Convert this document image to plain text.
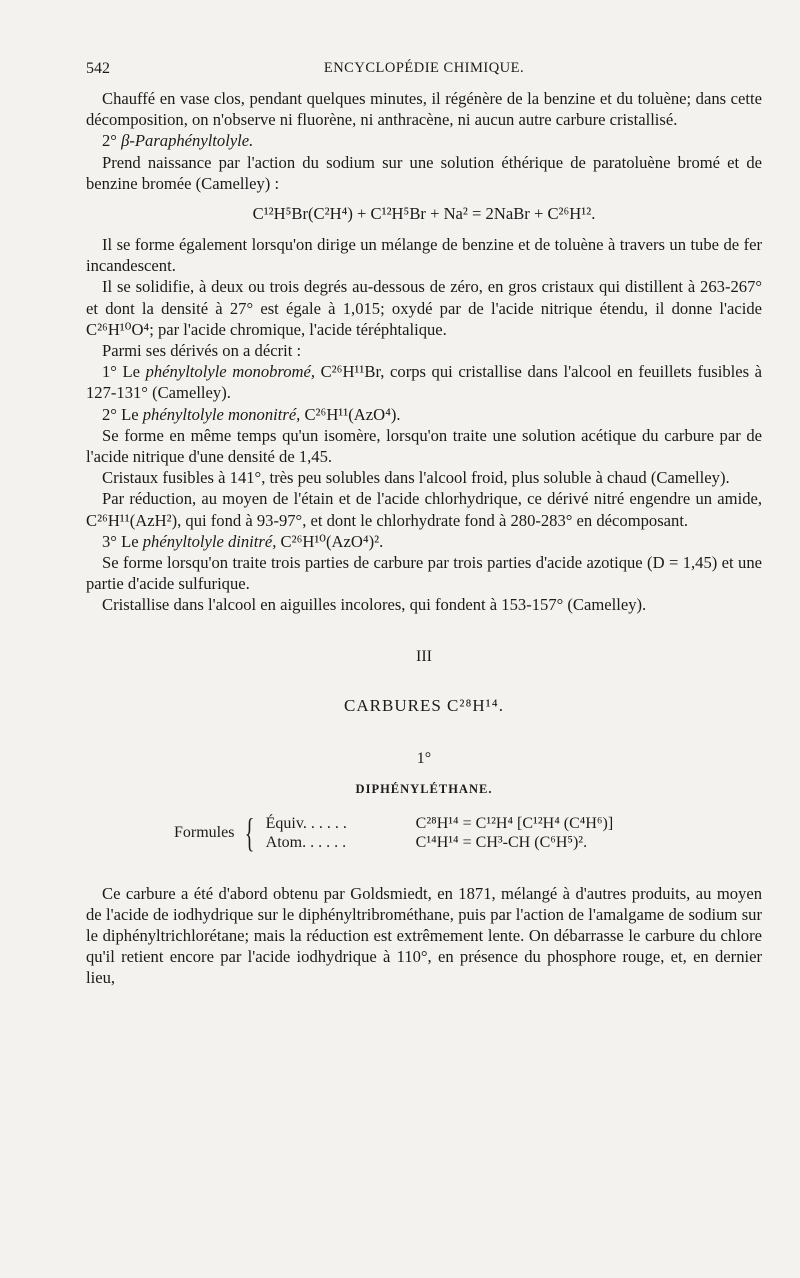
542	ENCYCLOPÉDIE CHIMIQUE.

Chauffé en vase clos, pendant quelques minutes, il régénère de la benzine et du toluène; dans cette décomposition, on n'observe ni fluorène, ni anthracène, ni aucun autre carbure cristallisé.

2° β-Paraphényltolyle.

Prend naissance par l'action du sodium sur une solution éthérique de paratoluène bromé et de benzine bromée (Camelley) :

C¹²H⁵Br(C²H⁴) + C¹²H⁵Br + Na² = 2NaBr + C²⁶H¹².

Il se forme également lorsqu'on dirige un mélange de benzine et de toluène à travers un tube de fer incandescent.

Il se solidifie, à deux ou trois degrés au-dessous de zéro, en gros cristaux qui distillent à 263-267° et dont la densité à 27° est égale à 1,015; oxydé par de l'acide nitrique étendu, il donne l'acide C²⁶H¹⁰O⁴; par l'acide chromique, l'acide téréphtalique.

Parmi ses dérivés on a décrit :

1° Le phényltolyle monobromé, C²⁶H¹¹Br, corps qui cristallise dans l'alcool en feuillets fusibles à 127-131° (Camelley).

2° Le phényltolyle mononitré, C²⁶H¹¹(AzO⁴).

Se forme en même temps qu'un isomère, lorsqu'on traite une solution acétique du carbure par de l'acide nitrique d'une densité de 1,45.

Cristaux fusibles à 141°, très peu solubles dans l'alcool froid, plus soluble à chaud (Camelley).

Par réduction, au moyen de l'étain et de l'acide chlorhydrique, ce dérivé nitré engendre un amide, C²⁶H¹¹(AzH²), qui fond à 93-97°, et dont le chlorhydrate fond à 280-283° en décomposant.

3° Le phényltolyle dinitré, C²⁶H¹⁰(AzO⁴)².

Se forme lorsqu'on traite trois parties de carbure par trois parties d'acide azotique (D = 1,45) et une partie d'acide sulfurique.

Cristallise dans l'alcool en aiguilles incolores, qui fondent à 153-157° (Camelley).

III
CARBURES C²⁸H¹⁴.
1°
DIPHÉNYLÉTHANE.
Formules { Équiv. . . . . .	C²⁸H¹⁴ = C¹²H⁴ [C¹²H⁴ (C⁴H⁶)]
Atom. . . . . .	C¹⁴H¹⁴ = CH³-CH (C⁶H⁵)².

Ce carbure a été d'abord obtenu par Goldsmiedt, en 1871, mélangé à d'autres produits, au moyen de l'acide de iodhydrique sur le diphényltribrométhane, puis par l'action de l'amalgame de sodium sur le diphényltrichlorétane; mais la réduction est extrêmement lente. On débarrasse le carbure du chlore qu'il retient encore par l'acide iodhydrique à 110°, en présence du phosphore rouge, et, en dernier lieu,
